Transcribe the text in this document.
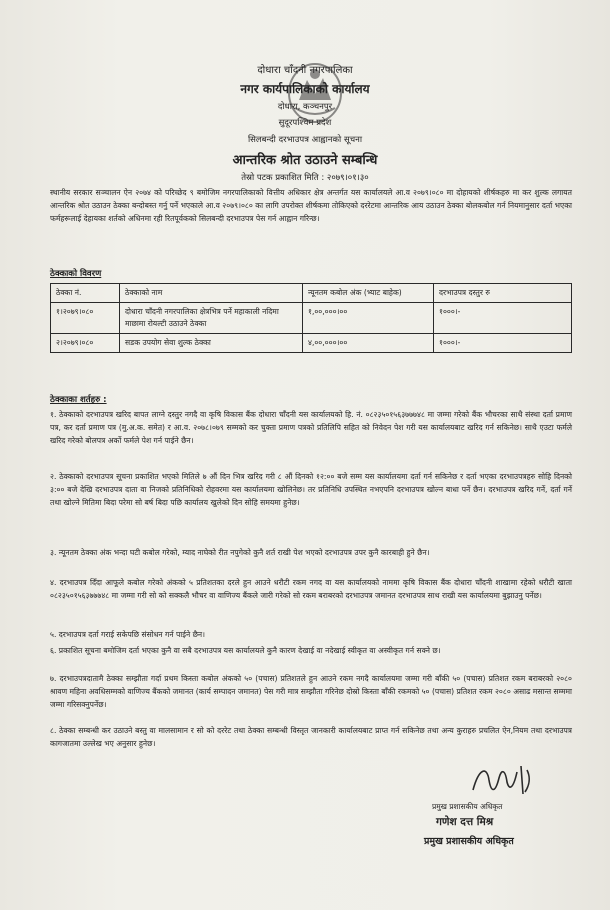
दोधारा चाँदनी नगरपालिका
नगर कार्यपालिकाको कार्यालय
दोधारा, कञ्चनपुर
सुदूरपश्चिम प्रदेश
सिलबन्दी दरभाउपत्र आह्वानको सूचना
आन्तरिक श्रोत उठाउने सम्बन्धि
तेस्रो पटक प्रकाशित मिति : २०७९।०१।३०
स्थानीय सरकार सञ्चालन ऐन २०७४ को परिच्छेद ९ बमोजिम नगरपालिकाको वित्तीय अधिकार क्षेत्र अन्तर्गत यस कार्यालयले आ.व २०७९।०८० मा दोहायको शीर्षकहरु मा कर शुल्क लगायत आन्तरिक श्रोत उठाउन ठेक्का बन्दोबस्त गर्नु पर्ने भएकाले आ.व २०७९।०८० का लागि उपरोक्त शीर्षकमा तोकिएको दररेटमा आन्तरिक आय उठाउन ठेक्का बोलकबोल गर्न नियमानुसार दर्ता भएका फर्महरूलाई देहायका शर्तको अधिनमा रही रितपूर्वकको सिलबन्दी दरभाउपत्र पेस गर्न आह्वान गरिन्छ।
ठेक्काको विवरण
ठेक्का नं.	ठेक्काको नाम	न्यूनतम कबोल अंक (भ्याट बाहेक)	दरभाउपत्र दस्तुर रु
१।२०७९।०८०	दोधारा चाँदनी नगरपालिका क्षेत्रभित्र पर्ने महाकाली नदिमा माछामा रोयल्टी उठाउने ठेक्का	१,००,०००।००	१०००।-
२।२०७९।०८०	सडक उपयोग सेवा शुल्क ठेक्का	४,००,०००।००	१०००।-
ठेक्काका शर्तहरु :
१. ठेक्काको दरभाउपत्र खरिद बापत लाग्ने दस्तुर नगदै वा कृषि विकास बैंक दोधारा चाँदनी यस कार्यालयको हि. नं. ०८२३५०१५६३७७७४८ मा जम्मा गरेको बैंक भौचरका साथै संस्था दर्ता प्रमाण पत्र, कर दर्ता प्रमाण पत्र (मु.अ.क. समेत) र आ.व. २०७८।०७९ सम्मको कर चुक्ता प्रमाण पत्रको प्रतिलिपि सहित को निवेदन पेश गरी यस कार्यालयबाट खरिद गर्न सकिनेछ। साथै एउटा फर्मले खरिद गरेको बोलपत्र अर्को फर्मले पेश गर्न पाईने छैन।
२. ठेक्काको दरभाउपत्र सूचना प्रकाशित भएको मितिले ७ औं दिन भित्र खरिद गरी ८ औं दिनको १२:०० बजे सम्म यस कार्यालयमा दर्ता गर्न सकिनेछ र दर्ता भएका दरभाउपत्रहरु सोहि दिनको ३:०० बजे देखि दरभाउपत्र दाता वा निजको प्रतिनिधिको रोहवरमा यस कार्यालयमा खोलिनेछ। तर प्रतिनिधि उपस्थित नभएपनि दरभाउपत्र खोल्न बाधा पर्ने छैन। दरभाउपत्र खरिद गर्ने, दर्ता गर्ने तथा खोल्ने मितिमा बिदा परेमा सो बर्ष बिदा पछि कार्यालय खुलेको दिन सोहि समयमा हुनेछ।
३. न्यूनतम ठेक्का अंक भन्दा घटी कबोल गरेको, म्याद नाघेको रीत नपुगेको कुनै शर्त राखी पेश भएको दरभाउपत्र उपर कुनै कारबाही हुने छैन।
४. दरभाउपत्र दिँदा आफूले कबोल गरेको अंकको ५ प्रतिशतका दरले हुन आउने धरौटी रकम नगद वा यस कार्यालयको नाममा कृषि विकास बैंक दोधारा चाँदनी शाखामा रहेको धरौटी खाता ०८२३५०१५६३७७७४८ मा जम्मा गरी सो को सक्कलै भौचर वा वाणिज्य बैंकले जारी गरेको सो रकम बराबरको दरभाउपत्र जमानत दरभाउपत्र साथ राखी यस कार्यालयमा बुझाउनु पर्नेछ।
५. दरभाउपत्र दर्ता गराई सकेपछि संसोधन गर्न पाईने छैन।
६. प्रकाशित सूचना बमोजिम दर्ता भएका कुनै वा सबै दरभाउपत्र यस कार्यालयले कुनै कारण देखाई वा नदेखाई स्वीकृत वा अस्वीकृत गर्न सक्ने छ।
७. दरभाउपत्रदातामै ठेक्का सम्झौता गर्दा प्रथम किस्ता कबोल अंकको ५० (पचास) प्रतिशतले हुन आउने रकम नगदै कार्यालयमा जम्मा गरी बाँकी ५० (पचास) प्रतिशत रकम बराबरको २०८० श्रावण महिना अवधिसम्मको वाणिज्य बैंकको जमानत (कार्य सम्पादन जमानत) पेस गरी मात्र सम्झौता गरिनेछ दोस्रो किस्ता बाँकी रकमको ५० (पचास) प्रतिशत रकम २०८० असाढ मसान्त सम्ममा जम्मा गरिसक्नुपर्नेछ।
८. ठेक्का सम्बन्धी कर उठाउने बस्तु वा मालसामान र सो को दररेट तथा ठेक्का सम्बन्धी विस्तृत जानकारी कार्यालयबाट प्राप्त गर्न सकिनेछ तथा अन्य कुराहरु प्रचलित ऐन,नियम तथा दरभाउपत्र कागजातमा उल्लेख भए अनुसार हुनेछ।
प्रमुख प्रशासकीय अधिकृत
गणेश दत्त मिश्र
प्रमुख प्रशासकीय अधिकृत
